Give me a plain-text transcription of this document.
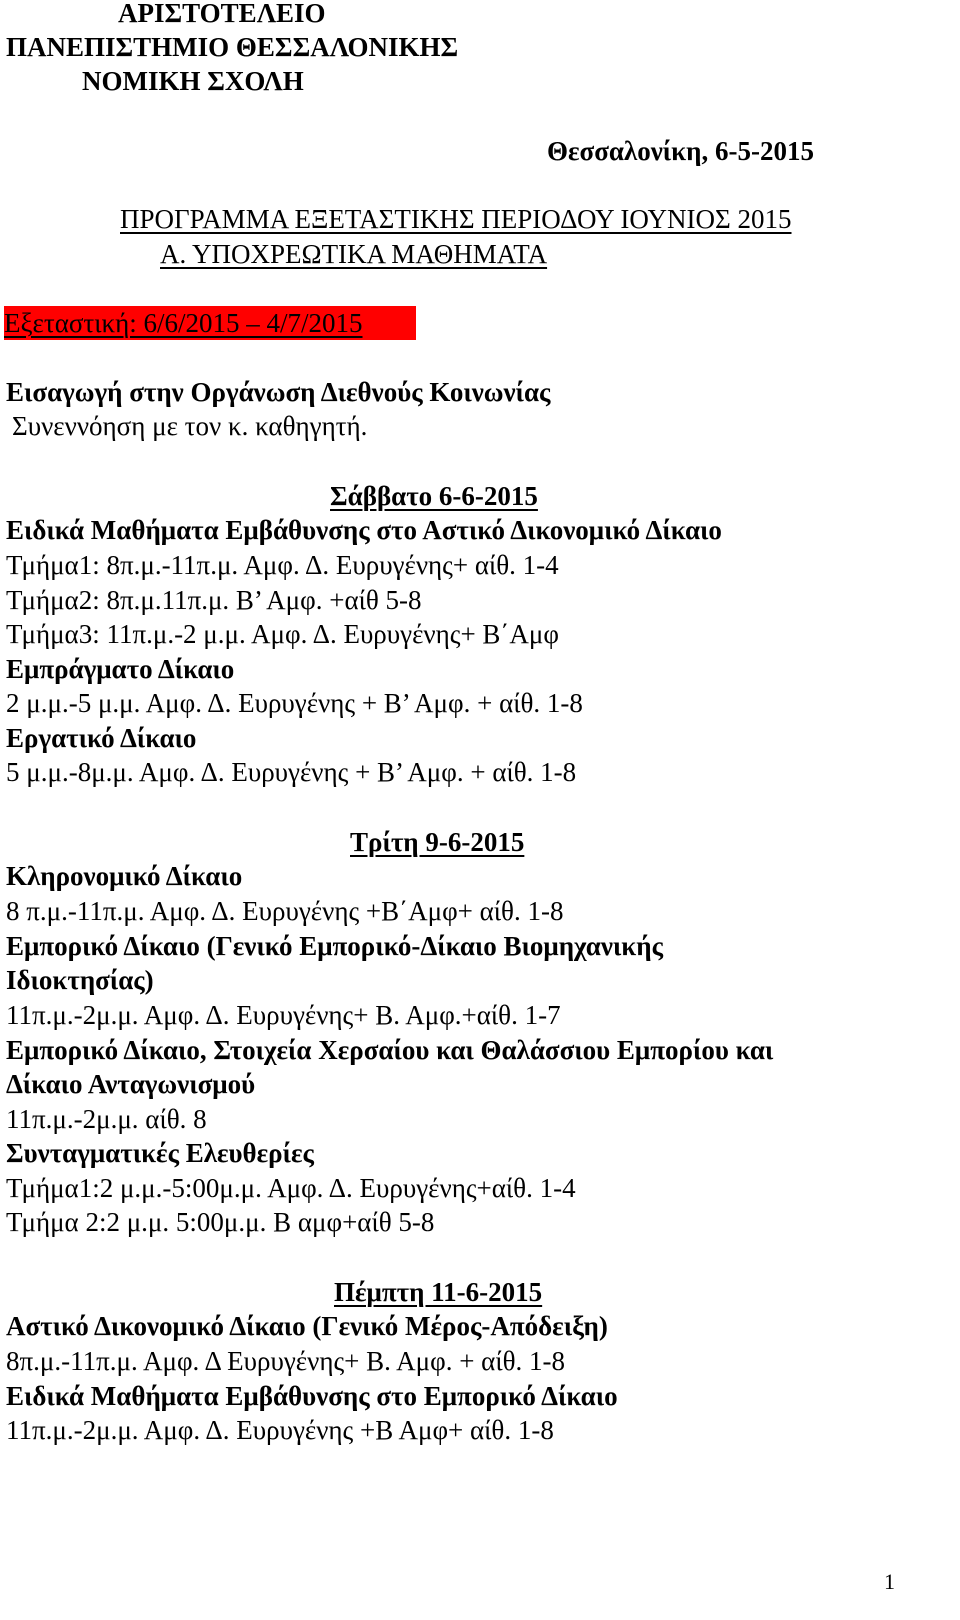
ΑΡΙΣΤΟΤΕΛΕΙΟ
ΠΑΝΕΠΙΣΤΗΜΙΟ ΘΕΣΣΑΛΟΝΙΚΗΣ
ΝΟΜΙΚΗ ΣΧΟΛΗ
Θεσσαλονίκη, 6-5-2015
ΠΡΟΓΡΑΜΜΑ ΕΞΕΤΑΣΤΙΚΗΣ ΠΕΡΙΟΔΟΥ ΙΟΥΝΙΟΣ 2015
Α. ΥΠΟΧΡΕΩΤΙΚΑ ΜΑΘΗΜΑΤΑ
Εξεταστική: 6/6/2015 – 4/7/2015
Εισαγωγή στην Οργάνωση Διεθνούς Κοινωνίας
Συνεννόηση με τον κ. καθηγητή.
Σάββατο 6-6-2015
Ειδικά Μαθήματα Εμβάθυνσης στο Αστικό Δικονομικό Δίκαιο
Τμήμα1: 8π.μ.-11π.μ. Αμφ. Δ. Ευρυγένης+ αίθ. 1-4
Τμήμα2: 8π.μ.11π.μ. Β’ Αμφ. +αίθ 5-8
Τμήμα3: 11π.μ.-2 μ.μ. Αμφ. Δ. Ευρυγένης+ Β΄Αμφ
Εμπράγματο Δίκαιο
2 μ.μ.-5 μ.μ. Αμφ. Δ. Ευρυγένης + Β’ Αμφ. + αίθ. 1-8
Εργατικό Δίκαιο
5 μ.μ.-8μ.μ. Αμφ. Δ. Ευρυγένης + Β’ Αμφ. + αίθ. 1-8
Τρίτη 9-6-2015
Κληρονομικό Δίκαιο
8 π.μ.-11π.μ. Αμφ. Δ. Ευρυγένης +Β΄Αμφ+ αίθ. 1-8
Εμπορικό Δίκαιο (Γενικό Εμπορικό-Δίκαιο Βιομηχανικής
Ιδιοκτησίας)
11π.μ.-2μ.μ. Αμφ. Δ. Ευρυγένης+ Β. Αμφ.+αίθ. 1-7
Εμπορικό Δίκαιο, Στοιχεία Χερσαίου και Θαλάσσιου Εμπορίου και
Δίκαιο Ανταγωνισμού
11π.μ.-2μ.μ. αίθ. 8
Συνταγματικές Ελευθερίες
Τμήμα1:2 μ.μ.-5:00μ.μ. Αμφ. Δ. Ευρυγένης+αίθ. 1-4
Τμήμα 2:2 μ.μ. 5:00μ.μ. Β αμφ+αίθ 5-8
Πέμπτη 11-6-2015
Αστικό Δικονομικό Δίκαιο (Γενικό Μέρος-Απόδειξη)
8π.μ.-11π.μ. Αμφ. Δ Ευρυγένης+ Β. Αμφ. + αίθ. 1-8
Ειδικά Μαθήματα Εμβάθυνσης στο Εμπορικό Δίκαιο
11π.μ.-2μ.μ. Αμφ. Δ. Ευρυγένης +Β Αμφ+ αίθ. 1-8
1
